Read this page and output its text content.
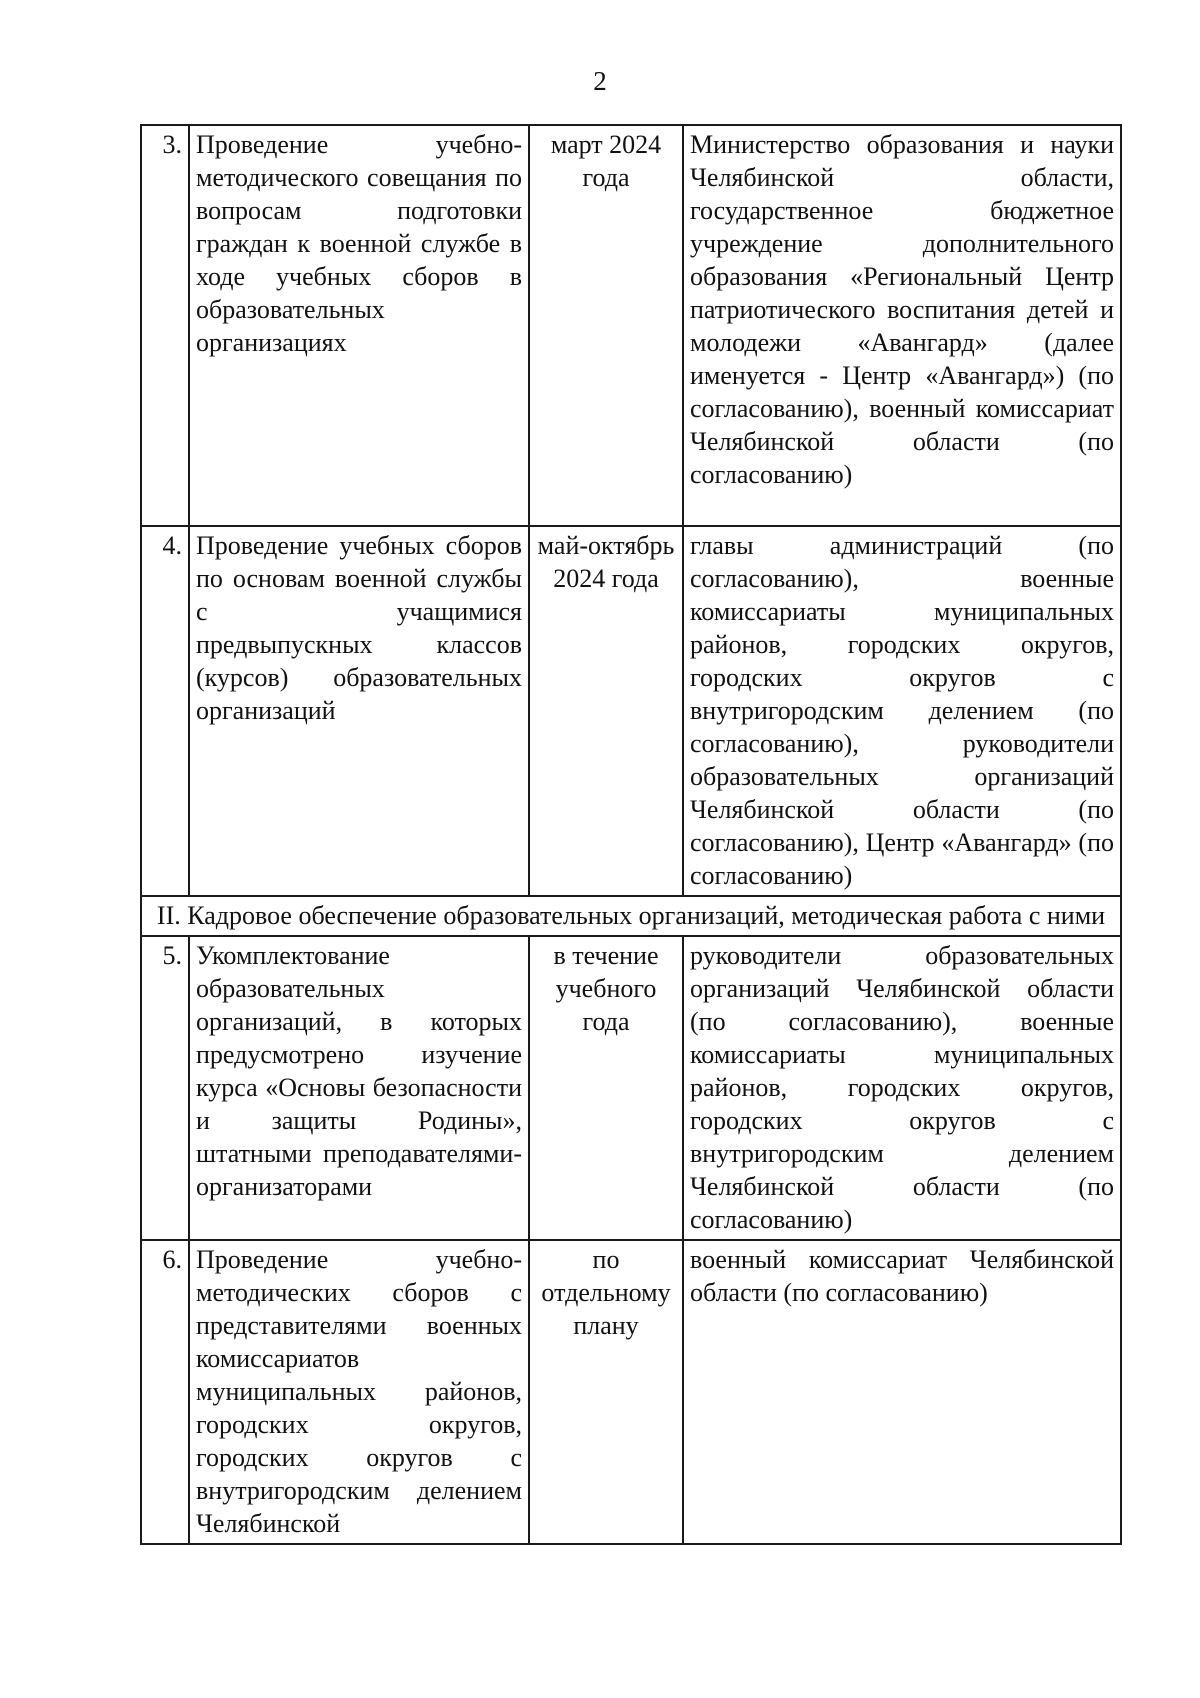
2
3.	Проведение учебно-методического совещания по вопросам подготовки граждан к военной службе в ходе учебных сборов в образовательных организациях	март 2024 года	Министерство образования и науки Челябинской области, государственное бюджетное учреждение дополнительного образования «Региональный Центр патриотического воспитания детей и молодежи «Авангард» (далее именуется - Центр «Авангард») (по согласованию), военный комиссариат Челябинской области (по согласованию)
4.	Проведение учебных сборов по основам военной службы с учащимися предвыпускных классов (курсов) образовательных организаций	май-октябрь 2024 года	главы администраций (по согласованию), военные комиссариаты муниципальных районов, городских округов, городских округов с внутригородским делением (по согласованию), руководители образовательных организаций Челябинской области (по согласованию), Центр «Авангард» (по согласованию)
II. Кадровое обеспечение образовательных организаций, методическая работа с ними			
5.	Укомплектование образовательных организаций, в которых предусмотрено изучение курса «Основы безопасности и защиты Родины», штатными преподавателями-организаторами	в течение учебного года	руководители образовательных организаций Челябинской области (по согласованию), военные комиссариаты муниципальных районов, городских округов, городских округов с внутригородским делением Челябинской области (по согласованию)
6.	Проведение учебно-методических сборов с представителями военных комиссариатов муниципальных районов, городских округов, городских округов с внутригородским делением Челябинской	по отдельному плану	военный комиссариат Челябинской области (по согласованию)
